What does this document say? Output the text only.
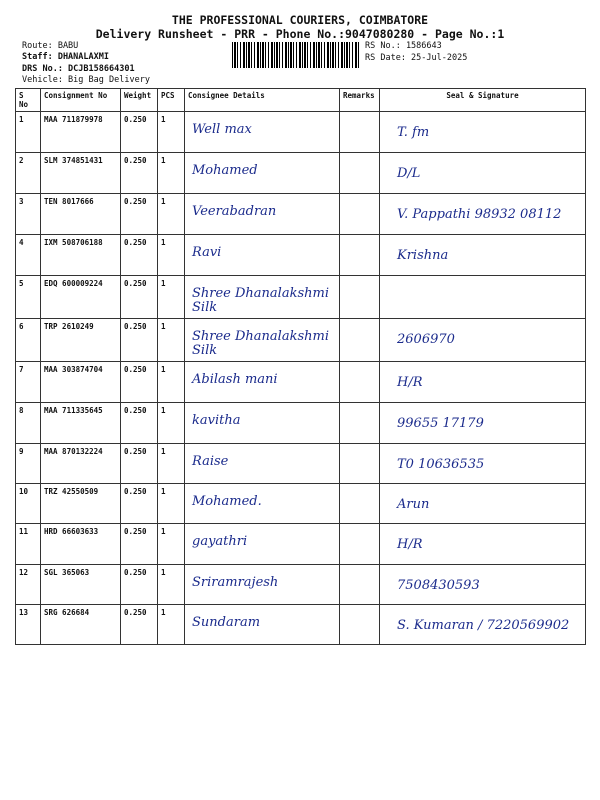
THE PROFESSIONAL COURIERS, COIMBATORE
Delivery Runsheet - PRR - Phone No.:9047080280 - Page No.:1
Route: BABU
Staff: DHANALAXMI
DRS No.: DCJB158664301
Vehicle: Big Bag Delivery
RS No.: 1586643
RS Date: 25-Jul-2025
S No	Consignment No	Weight	PCS	Consignee Details	Remarks	Seal & Signature
1	MAA 711879978	0.250	1	Well max		T. fm

2	SLM 374851431	0.250	1	Mohamed		D/L

3	TEN 8017666	0.250	1	Veerabadran		V. Pappathi 98932 08112

4	IXM 508706188	0.250	1	Ravi		Krishna

5	EDQ 600009224	0.250	1	Shree Dhanalakshmi Silk		

6	TRP 2610249	0.250	1	Shree Dhanalakshmi Silk		2606970

7	MAA 303874704	0.250	1	Abilash mani		H/R

8	MAA 711335645	0.250	1	kavitha		99655 17179

9	MAA 870132224	0.250	1	Raise		T0 10636535

10	TRZ 42550509	0.250	1	Mohamed.		Arun

11	HRD 66603633	0.250	1	gayathri		H/R

12	SGL 365063	0.250	1	Sriramrajesh		7508430593

13	SRG 626684	0.250	1	Sundaram		S. Kumaran / 7220569902
